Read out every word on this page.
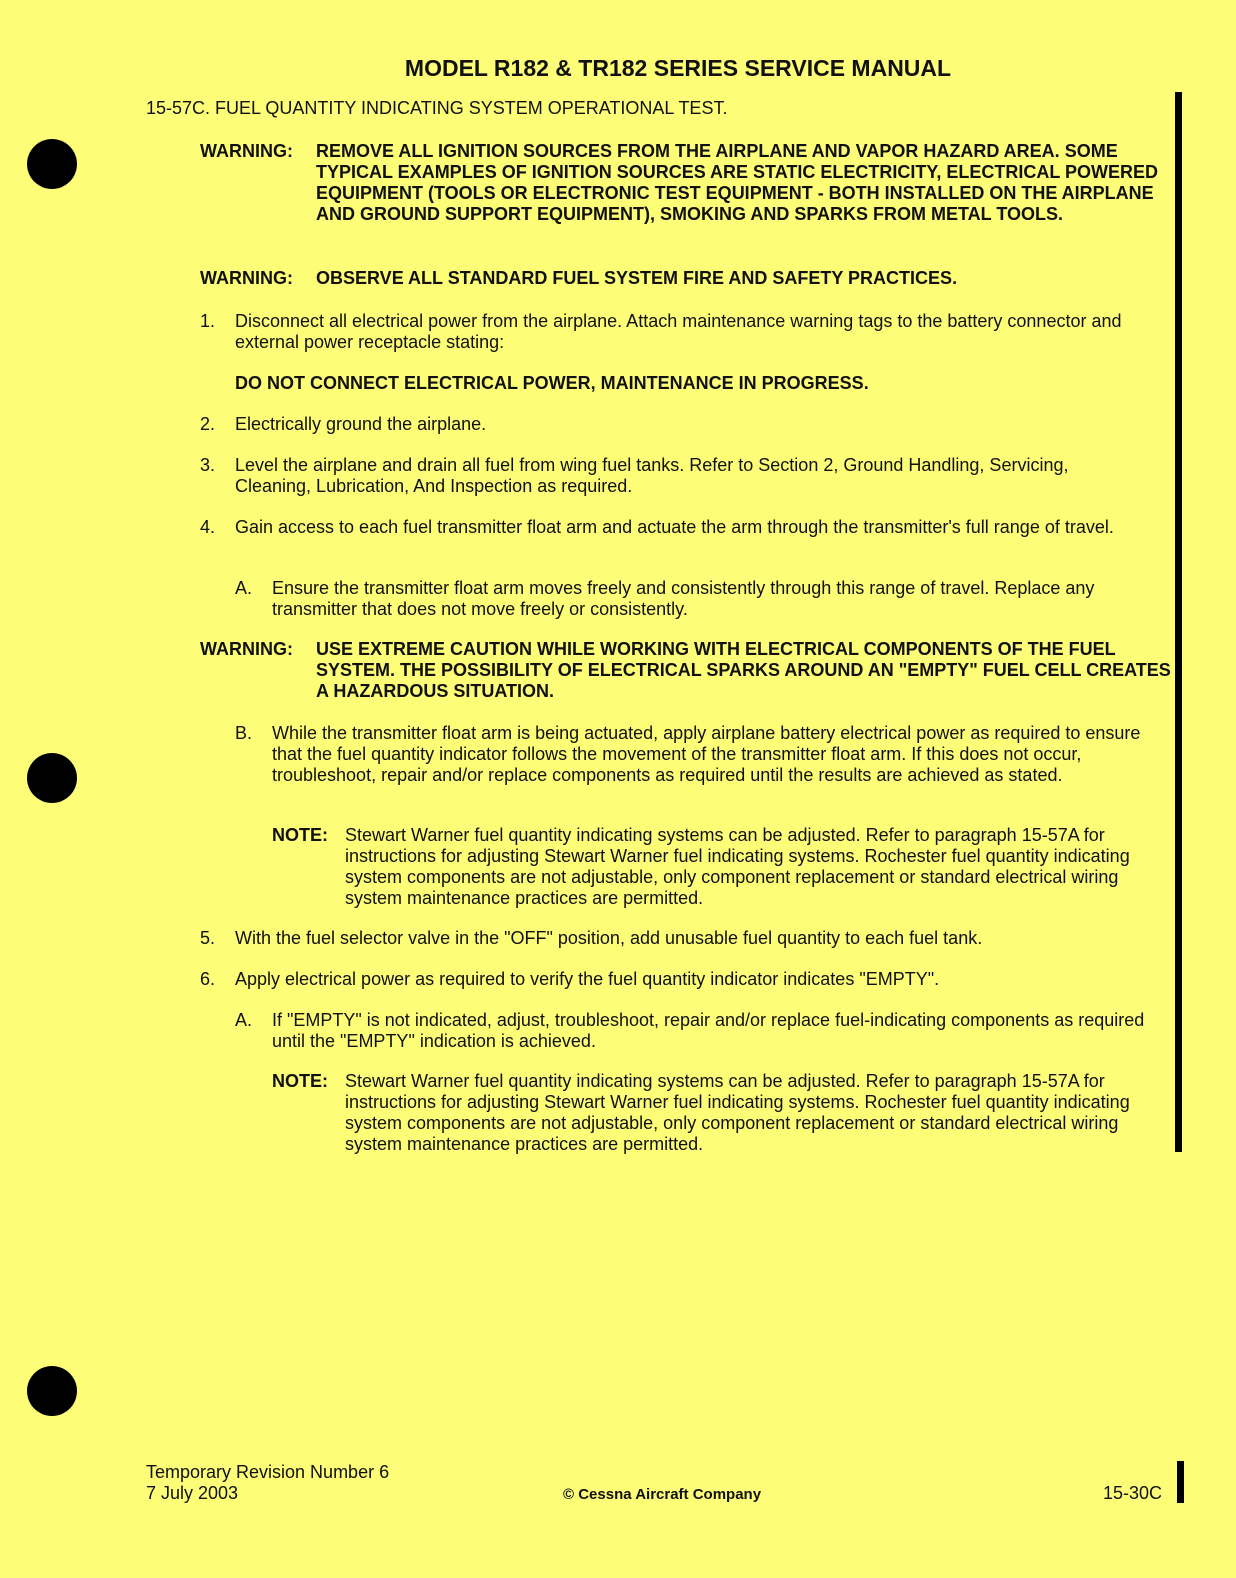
MODEL R182 & TR182 SERIES SERVICE MANUAL
15-57C. FUEL QUANTITY INDICATING SYSTEM OPERATIONAL TEST.
WARNING: REMOVE ALL IGNITION SOURCES FROM THE AIRPLANE AND VAPOR HAZARD AREA. SOME TYPICAL EXAMPLES OF IGNITION SOURCES ARE STATIC ELECTRICITY, ELECTRICAL POWERED EQUIPMENT (TOOLS OR ELECTRONIC TEST EQUIPMENT - BOTH INSTALLED ON THE AIRPLANE AND GROUND SUPPORT EQUIPMENT), SMOKING AND SPARKS FROM METAL TOOLS.
WARNING: OBSERVE ALL STANDARD FUEL SYSTEM FIRE AND SAFETY PRACTICES.
1. Disconnect all electrical power from the airplane. Attach maintenance warning tags to the battery connector and external power receptacle stating:
DO NOT CONNECT ELECTRICAL POWER, MAINTENANCE IN PROGRESS.
2. Electrically ground the airplane.
3. Level the airplane and drain all fuel from wing fuel tanks. Refer to Section 2, Ground Handling, Servicing, Cleaning, Lubrication, And Inspection as required.
4. Gain access to each fuel transmitter float arm and actuate the arm through the transmitter's full range of travel.
A. Ensure the transmitter float arm moves freely and consistently through this range of travel. Replace any transmitter that does not move freely or consistently.
WARNING: USE EXTREME CAUTION WHILE WORKING WITH ELECTRICAL COMPONENTS OF THE FUEL SYSTEM. THE POSSIBILITY OF ELECTRICAL SPARKS AROUND AN "EMPTY" FUEL CELL CREATES A HAZARDOUS SITUATION.
B. While the transmitter float arm is being actuated, apply airplane battery electrical power as required to ensure that the fuel quantity indicator follows the movement of the transmitter float arm. If this does not occur, troubleshoot, repair and/or replace components as required until the results are achieved as stated.
NOTE: Stewart Warner fuel quantity indicating systems can be adjusted. Refer to paragraph 15-57A for instructions for adjusting Stewart Warner fuel indicating systems. Rochester fuel quantity indicating system components are not adjustable, only component replacement or standard electrical wiring system maintenance practices are permitted.
5. With the fuel selector valve in the "OFF" position, add unusable fuel quantity to each fuel tank.
6. Apply electrical power as required to verify the fuel quantity indicator indicates "EMPTY".
A. If "EMPTY" is not indicated, adjust, troubleshoot, repair and/or replace fuel-indicating components as required until the "EMPTY" indication is achieved.
NOTE: Stewart Warner fuel quantity indicating systems can be adjusted. Refer to paragraph 15-57A for instructions for adjusting Stewart Warner fuel indicating systems. Rochester fuel quantity indicating system components are not adjustable, only component replacement or standard electrical wiring system maintenance practices are permitted.
Temporary Revision Number 6
7 July 2003	© Cessna Aircraft Company	15-30C
